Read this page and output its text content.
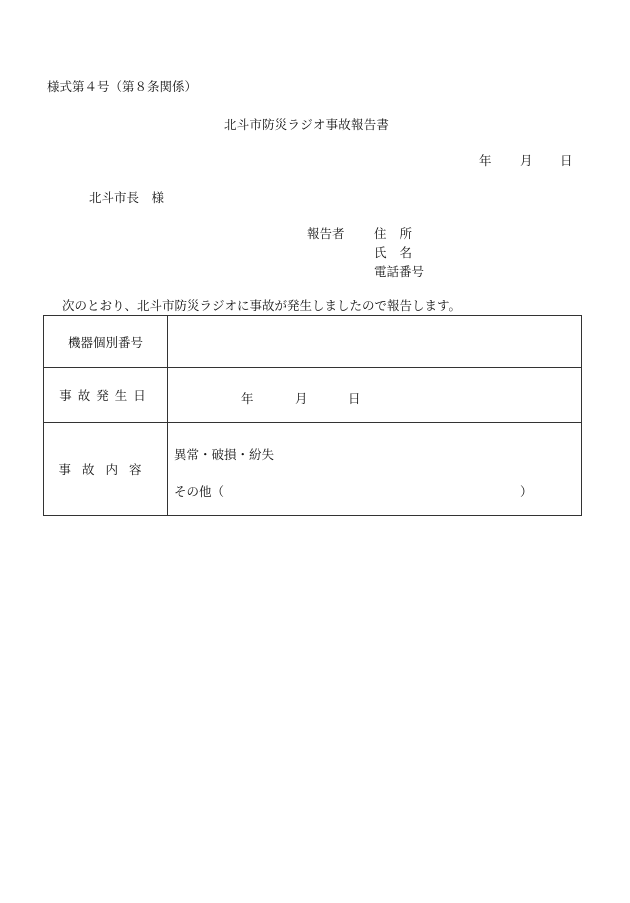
様式第４号（第８条関係）
北斗市防災ラジオ事故報告書
年 月 日
北斗市長　様
報告者 住所
氏名
電話番号
次のとおり、北斗市防災ラジオに事故が発生しましたので報告します。
機器個別番号	
事故発生日	年 月 日

事故内容	異常・破損・紛失
その他（ ）
